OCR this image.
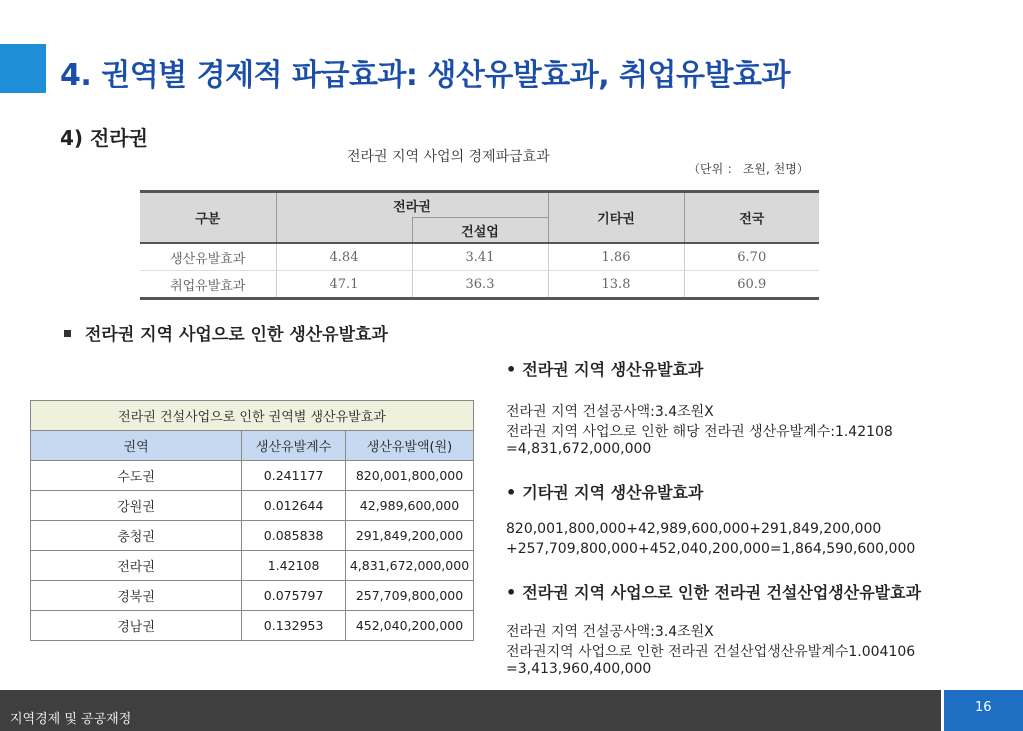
4. 권역별 경제적 파급효과: 생산유발효과, 취업유발효과
4) 전라권
전라권 지역 사업의 경제파급효과
（단위 ： 조원, 천명）
구분	전라권		기타권	전국
		건설업		
생산유발효과	4.84	3.41	1.86	6.70
취업유발효과	47.1	36.3	13.8	60.9
전라권 지역 사업으로 인한 생산유발효과
전라권 건설사업으로 인한 권역별 생산유발효과		
권역	생산유발계수	생산유발액(원)
수도권	0.241177	820,001,800,000
강원권	0.012644	42,989,600,000
충청권	0.085838	291,849,200,000
전라권	1.42108	4,831,672,000,000
경북권	0.075797	257,709,800,000
경남권	0.132953	452,040,200,000
• 전라권 지역 생산유발효과
전라권 지역 건설공사액:3.4조원X
전라권 지역 사업으로 인한 해당 전라권 생산유발계수:1.42108
=4,831,672,000,000
• 기타권 지역 생산유발효과
820,001,800,000+42,989,600,000+291,849,200,000
+257,709,800,000+452,040,200,000=1,864,590,600,000
• 전라권 지역 사업으로 인한 전라권 건설산업생산유발효과
전라권 지역 건설공사액:3.4조원X
전라권지역 사업으로 인한 전라권 건설산업생산유발계수1.004106
=3,413,960,400,000
지역경제 및 공공재정
16
